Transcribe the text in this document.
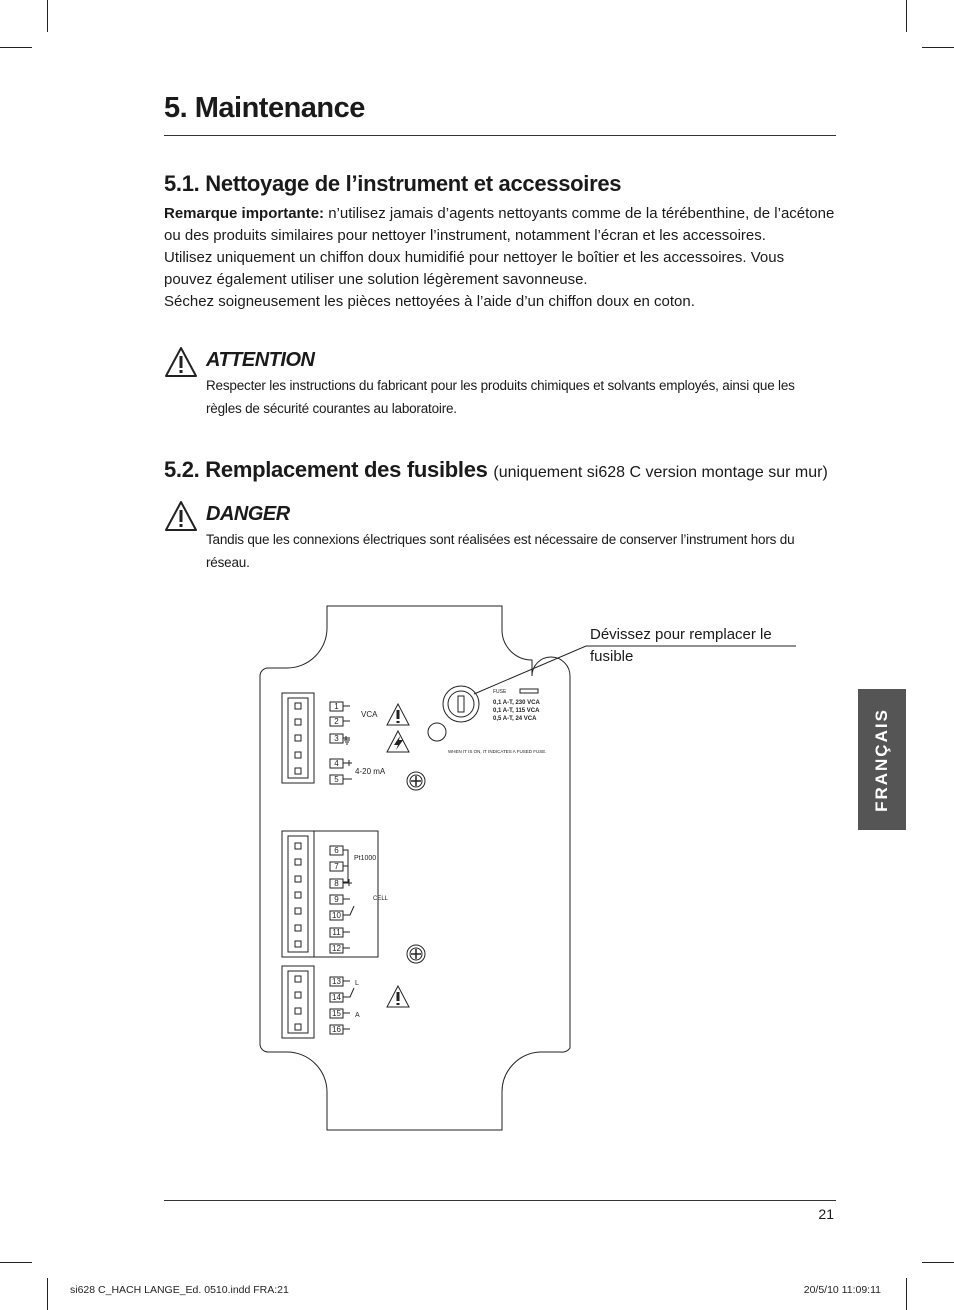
5. Maintenance
5.1. Nettoyage de l’instrument et accessoires

Remarque importante: n’utilisez jamais d’agents nettoyants comme de la térébenthine, de l’acétone ou des produits similaires pour nettoyer l’instrument, notamment l’écran et les accessoires.

Utilisez uniquement un chiffon doux humidifié pour nettoyer le boîtier et les accessoires. Vous pouvez également utiliser une solution légèrement savonneuse.

Séchez soigneusement les pièces nettoyées à l’aide d’un chiffon doux en coton.

ATTENTION

Respecter les instructions du fabricant pour les produits chimiques et solvants employés, ainsi que les règles de sécurité courantes au laboratoire.

5.2. Remplacement des fusibles (uniquement si628 C version montage sur mur)
DANGER

Tandis que les connexions électriques sont réalisées est nécessaire de conserver l’instrument hors du réseau.

FRANÇAIS
1
2
3
4
5
6
7
8
9
10
11
12
13
14
15
16
VCA
4-20 mA
Pt1000
CELL
L
A
FUSE
0,1 A-T, 230 VCA
0,1 A-T, 115 VCA
0,5 A-T, 24 VCA
WHEN IT IS ON, IT INDICATES A FUSED FUSE.

Dévissez pour remplacer le fusible

21
si628 C_HACH LANGE_Ed. 0510.indd FRA:21	20/5/10 11:09:11
